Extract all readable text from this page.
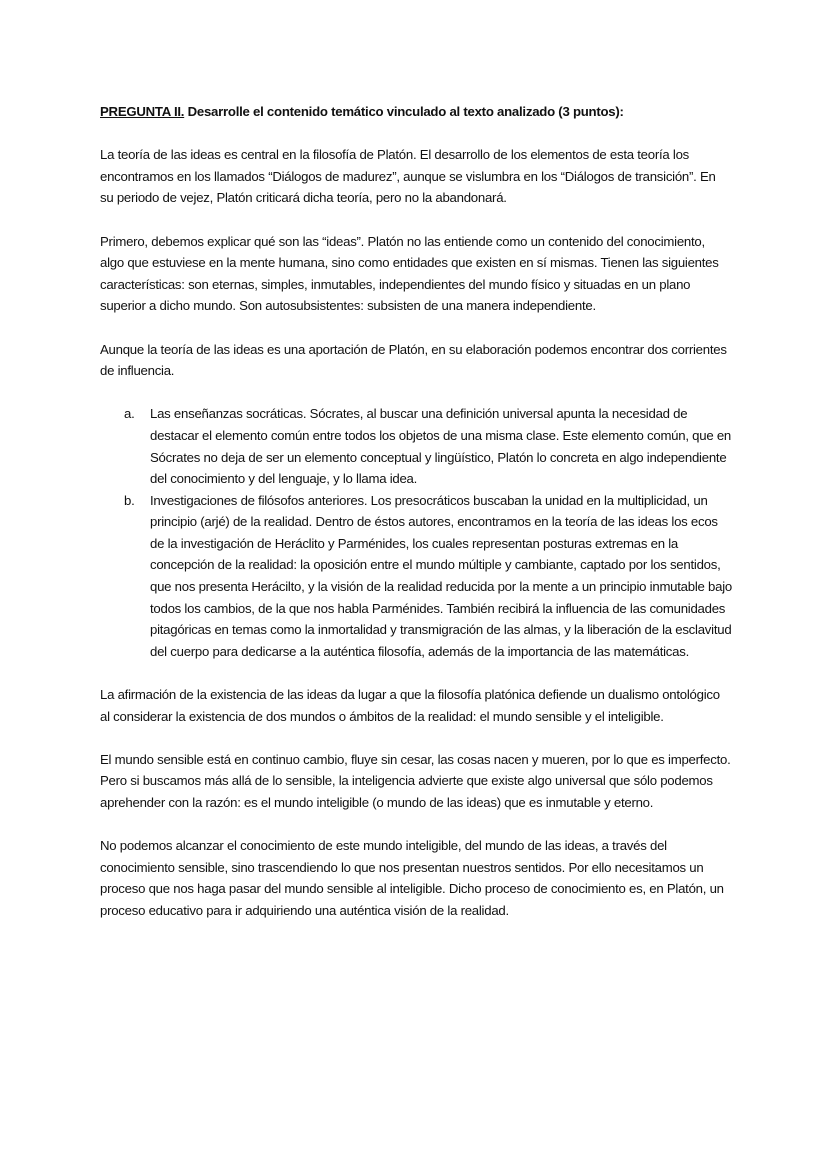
PREGUNTA II. Desarrolle el contenido temático vinculado al texto analizado (3 puntos):

La teoría de las ideas es central en la filosofía de Platón. El desarrollo de los elementos de esta teoría los encontramos en los llamados “Diálogos de madurez”, aunque se vislumbra en los “Diálogos de transición”. En su periodo de vejez, Platón criticará dicha teoría, pero no la abandonará.

Primero, debemos explicar qué son las “ideas”. Platón no las entiende como un contenido del conocimiento, algo que estuviese en la mente humana, sino como entidades que existen en sí mismas. Tienen las siguientes características: son eternas, simples, inmutables, independientes del mundo físico y situadas en un plano superior a dicho mundo. Son autosubsistentes: subsisten de una manera independiente.

Aunque la teoría de las ideas es una aportación de Platón, en su elaboración podemos encontrar dos corrientes de influencia.

a. Las enseñanzas socráticas. Sócrates, al buscar una definición universal apunta la necesidad de destacar el elemento común entre todos los objetos de una misma clase. Este elemento común, que en Sócrates no deja de ser un elemento conceptual y lingüístico, Platón lo concreta en algo independiente del conocimiento y del lenguaje, y lo llama idea.
b. Investigaciones de filósofos anteriores. Los presocráticos buscaban la unidad en la multiplicidad, un principio (arjé) de la realidad. Dentro de éstos autores, encontramos en la teoría de las ideas los ecos de la investigación de Heráclito y Parménides, los cuales representan posturas extremas en la concepción de la realidad: la oposición entre el mundo múltiple y cambiante, captado por los sentidos, que nos presenta Herácilto, y la visión de la realidad reducida por la mente a un principio inmutable bajo todos los cambios, de la que nos habla Parménides. También recibirá la influencia de las comunidades pitagóricas en temas como la inmortalidad y transmigración de las almas, y la liberación de la esclavitud del cuerpo para dedicarse a la auténtica filosofía, además de la importancia de las matemáticas.

La afirmación de la existencia de las ideas da lugar a que la filosofía platónica defiende un dualismo ontológico al considerar la existencia de dos mundos o ámbitos de la realidad: el mundo sensible y el inteligible.

El mundo sensible está en continuo cambio, fluye sin cesar, las cosas nacen y mueren, por lo que es imperfecto. Pero si buscamos más allá de lo sensible, la inteligencia advierte que existe algo universal que sólo podemos aprehender con la razón: es el mundo inteligible (o mundo de las ideas) que es inmutable y eterno.

No podemos alcanzar el conocimiento de este mundo inteligible, del mundo de las ideas, a través del conocimiento sensible, sino trascendiendo lo que nos presentan nuestros sentidos. Por ello necesitamos un proceso que nos haga pasar del mundo sensible al inteligible. Dicho proceso de conocimiento es, en Platón, un proceso educativo para ir adquiriendo una auténtica visión de la realidad.
